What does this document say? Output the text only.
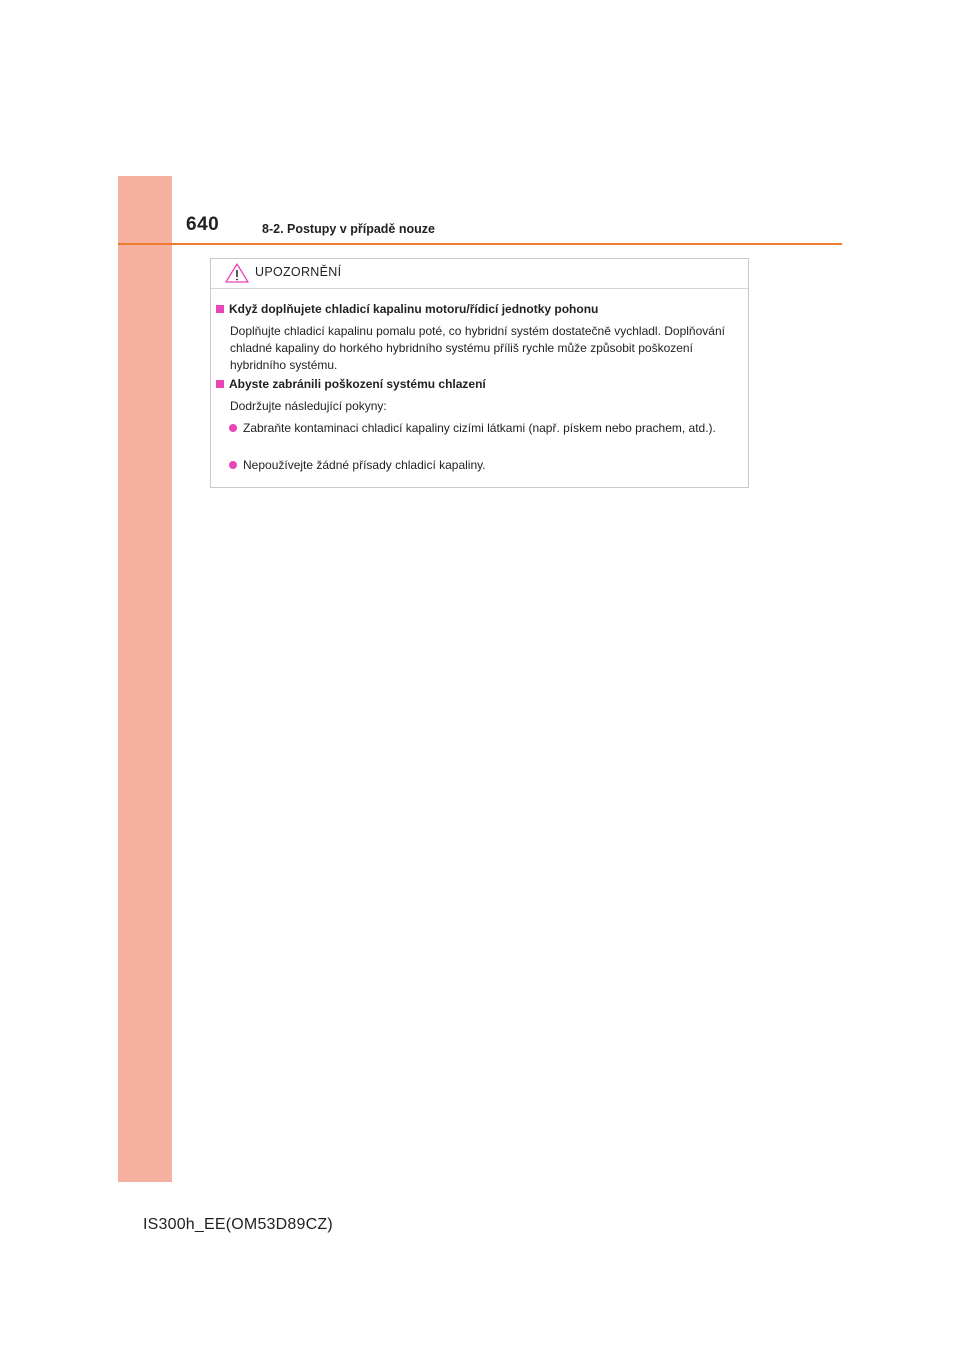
640	8-2. Postupy v případě nouze
UPOZORNĚNÍ
Když doplňujete chladicí kapalinu motoru/řídicí jednotky pohonu
Doplňujte chladicí kapalinu pomalu poté, co hybridní systém dostatečně vychladl. Doplňování chladné kapaliny do horkého hybridního systému příliš rychle může způsobit poškození hybridního systému.
Abyste zabránili poškození systému chlazení
Dodržujte následující pokyny:
Zabraňte kontaminaci chladicí kapaliny cizími látkami (např. pískem nebo prachem, atd.).
Nepoužívejte žádné přísady chladicí kapaliny.
IS300h_EE(OM53D89CZ)
